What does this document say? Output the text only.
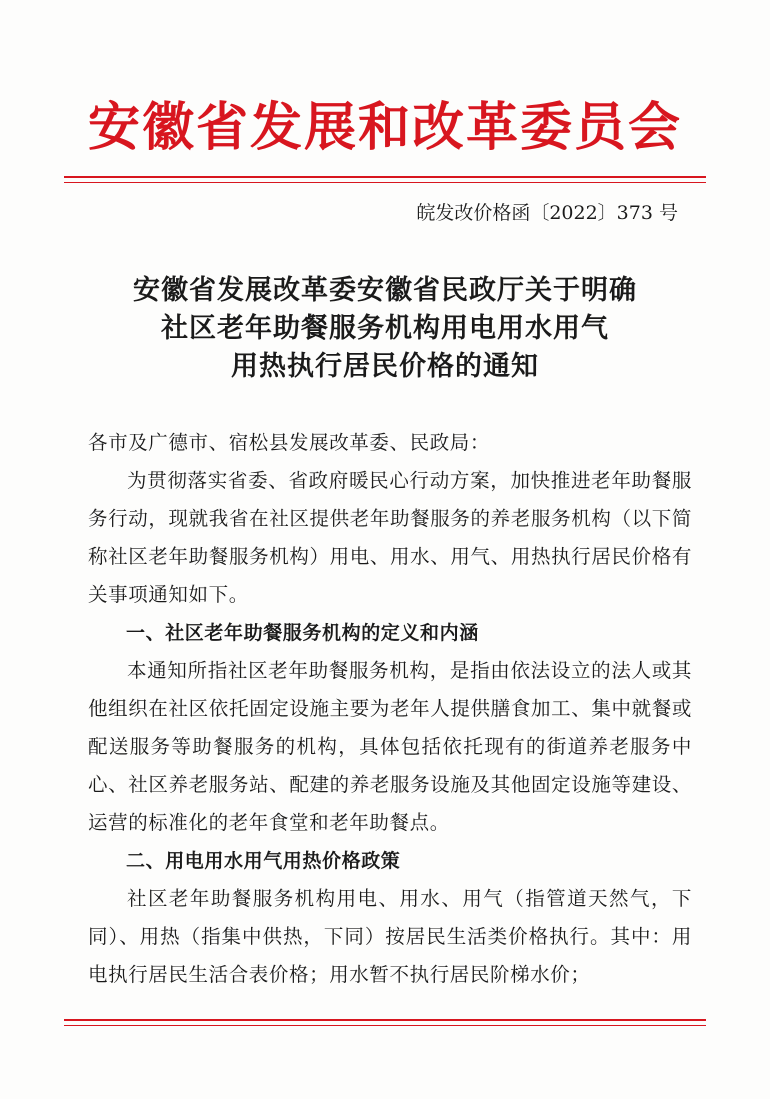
安徽省发展和改革委员会
皖发改价格函〔2022〕373 号
安徽省发展改革委安徽省民政厅关于明确
社区老年助餐服务机构用电用水用气
用热执行居民价格的通知

各市及广德市、宿松县发展改革委、民政局：

为贯彻落实省委、省政府暖民心行动方案，加快推进老年助餐服务行动，现就我省在社区提供老年助餐服务的养老服务机构（以下简称社区老年助餐服务机构）用电、用水、用气、用热执行居民价格有关事项通知如下。

一、社区老年助餐服务机构的定义和内涵

本通知所指社区老年助餐服务机构，是指由依法设立的法人或其他组织在社区依托固定设施主要为老年人提供膳食加工、集中就餐或配送服务等助餐服务的机构，具体包括依托现有的街道养老服务中心、社区养老服务站、配建的养老服务设施及其他固定设施等建设、运营的标准化的老年食堂和老年助餐点。

二、用电用水用气用热价格政策

社区老年助餐服务机构用电、用水、用气（指管道天然气，下同）、用热（指集中供热，下同）按居民生活类价格执行。其中：用电执行居民生活合表价格；用水暂不执行居民阶梯水价；
